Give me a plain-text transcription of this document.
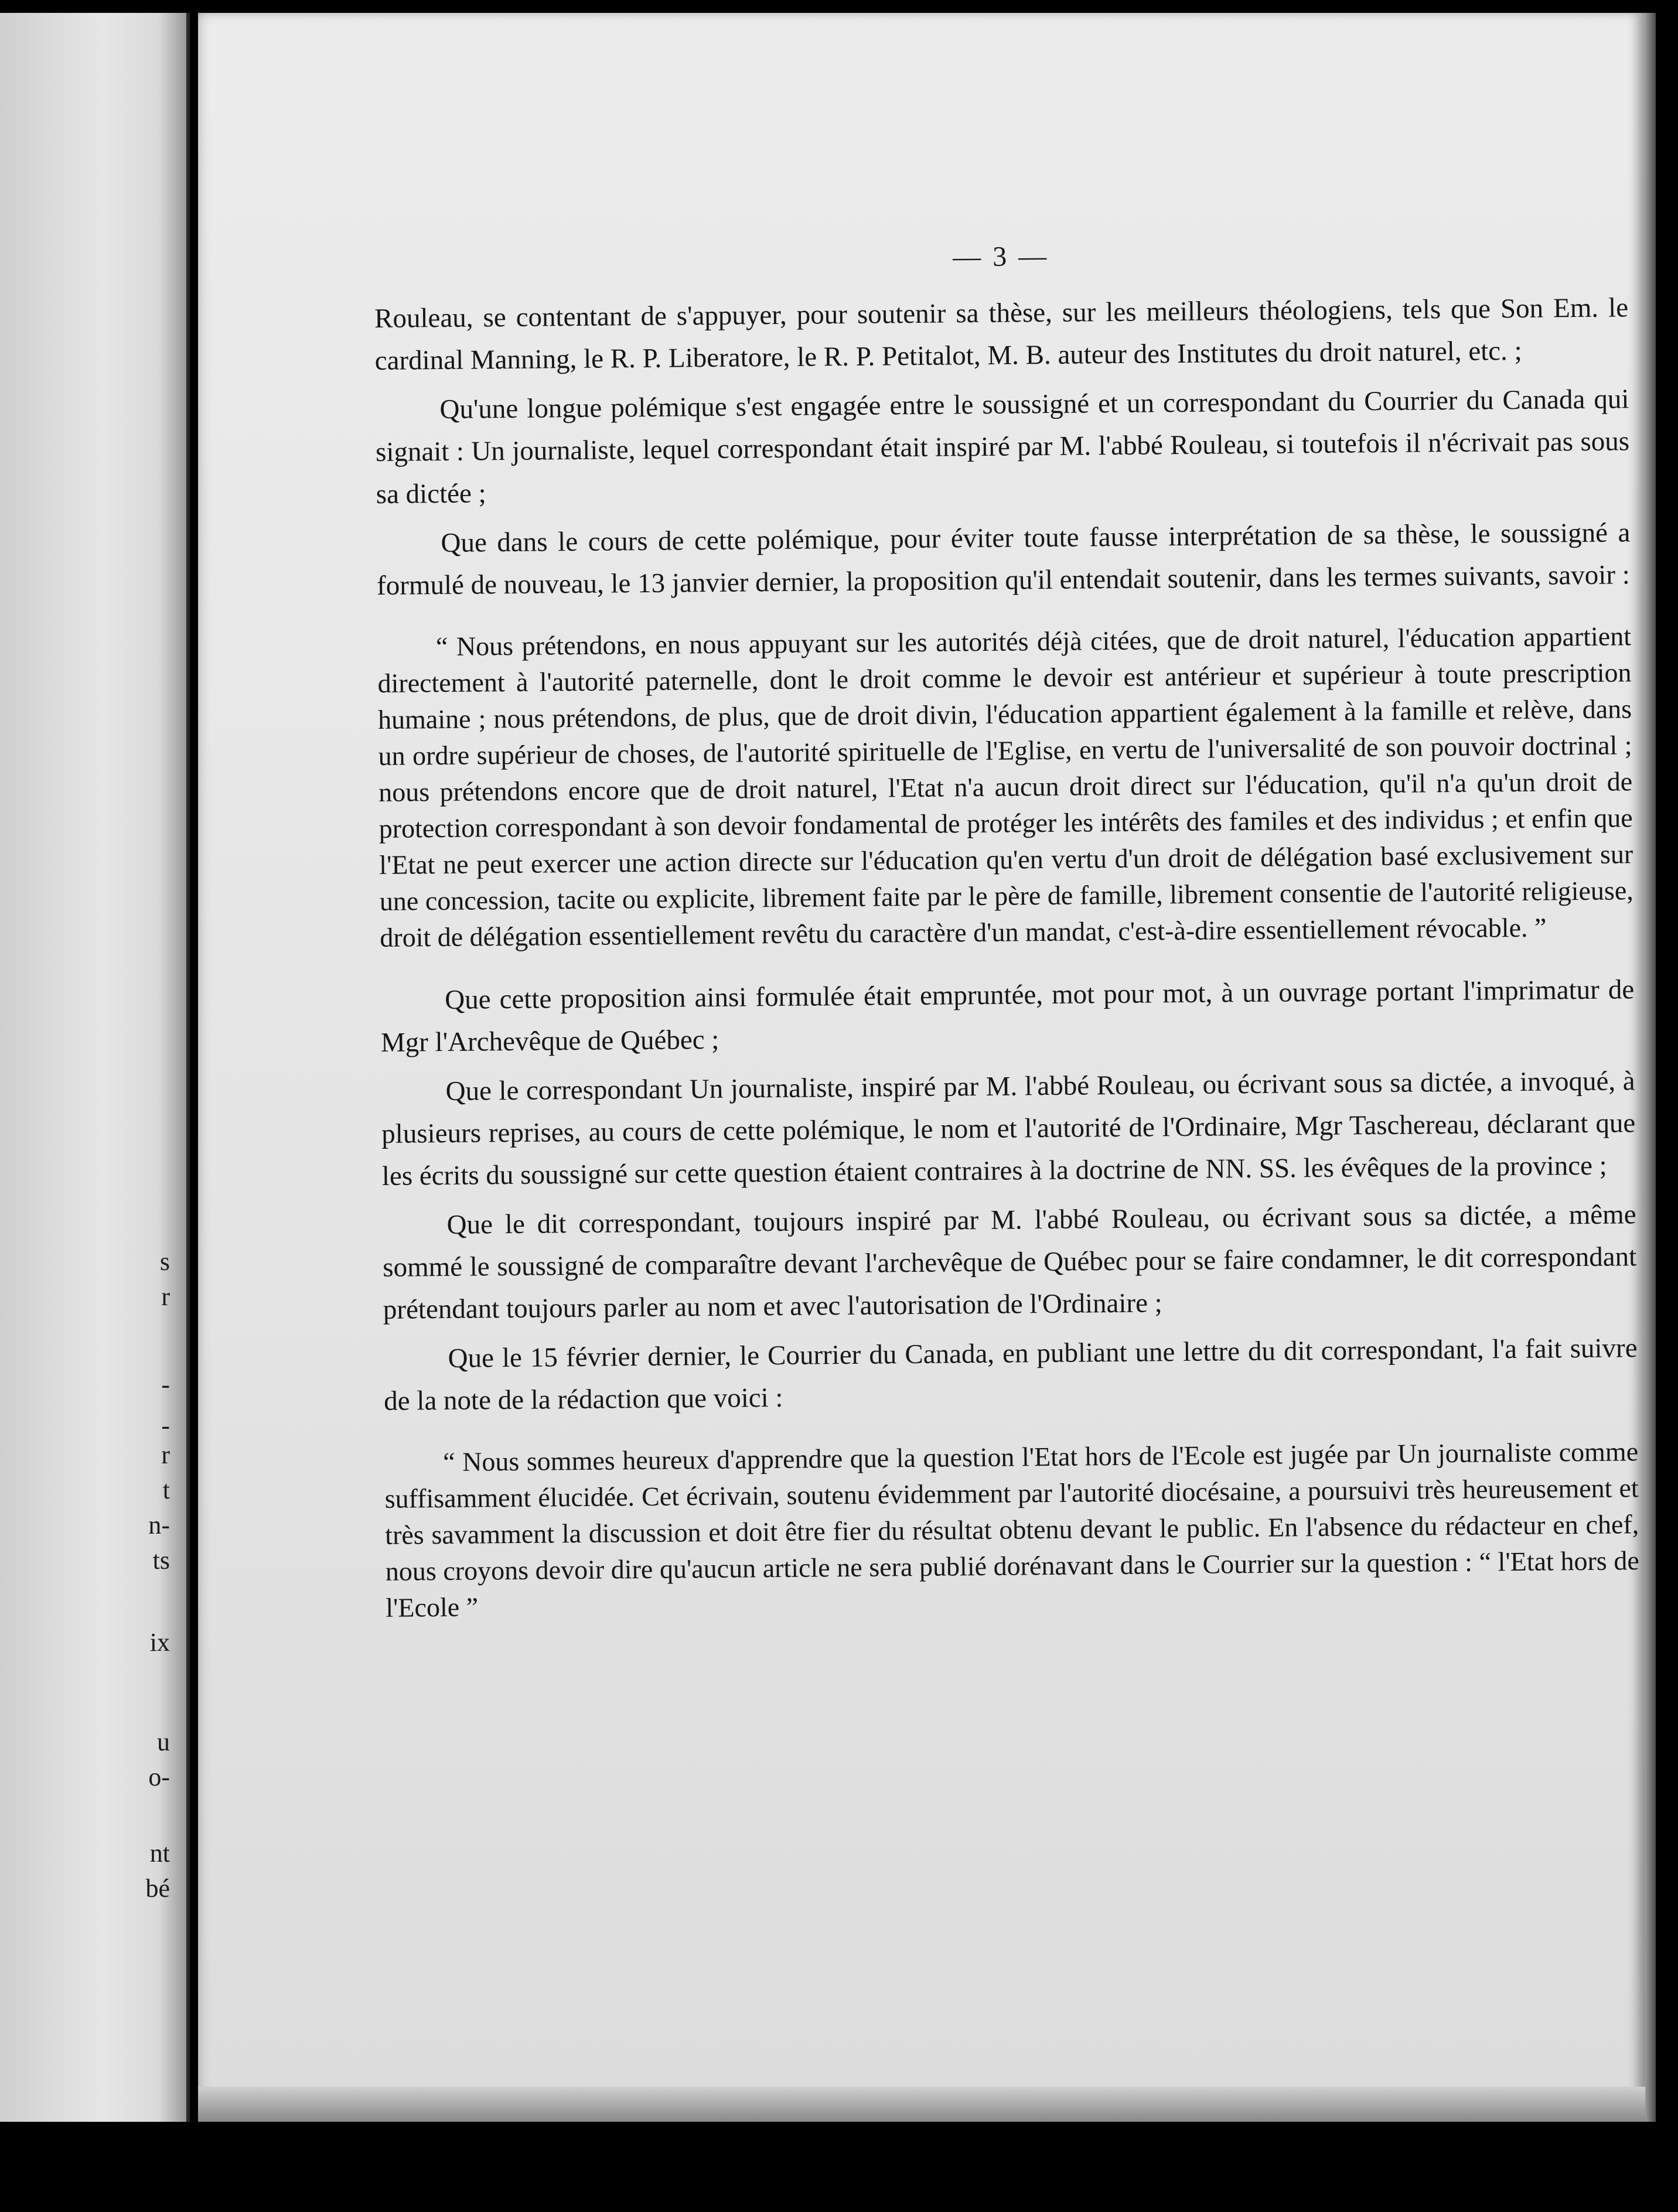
s
r
-
-
r
t
n-
ts
ix
u
o-
nt
bé
— 3 —

Rouleau, se contentant de s'appuyer, pour soutenir sa thèse, sur les meilleurs théologiens, tels que Son Em. le cardinal Manning, le R. P. Liberatore, le R. P. Petitalot, M. B. auteur des Institutes du droit naturel, etc. ;

Qu'une longue polémique s'est engagée entre le soussigné et un correspondant du Courrier du Canada qui signait : Un journaliste, lequel correspondant était inspiré par M. l'abbé Rouleau, si toutefois il n'écrivait pas sous sa dictée ;

Que dans le cours de cette polémique, pour éviter toute fausse interprétation de sa thèse, le soussigné a formulé de nouveau, le 13 janvier dernier, la proposition qu'il entendait soutenir, dans les termes suivants, savoir :

“ Nous prétendons, en nous appuyant sur les autorités déjà citées, que de droit naturel, l'éducation appartient directement à l'autorité paternelle, dont le droit comme le devoir est antérieur et supérieur à toute prescription humaine ; nous prétendons, de plus, que de droit divin, l'éducation appartient également à la famille et relève, dans un ordre supérieur de choses, de l'autorité spirituelle de l'Eglise, en vertu de l'universalité de son pouvoir doctrinal ; nous prétendons encore que de droit naturel, l'Etat n'a aucun droit direct sur l'éducation, qu'il n'a qu'un droit de protection correspondant à son devoir fondamental de protéger les intérêts des familes et des individus ; et enfin que l'Etat ne peut exercer une action directe sur l'éducation qu'en vertu d'un droit de délégation basé exclusivement sur une concession, tacite ou explicite, librement faite par le père de famille, librement consentie de l'autorité religieuse, droit de délégation essentiellement revêtu du caractère d'un mandat, c'est-à-dire essentiellement révocable. ”

Que cette proposition ainsi formulée était empruntée, mot pour mot, à un ouvrage portant l'imprimatur de Mgr l'Archevêque de Québec ;

Que le correspondant Un journaliste, inspiré par M. l'abbé Rouleau, ou écrivant sous sa dictée, a invoqué, à plusieurs reprises, au cours de cette polémique, le nom et l'autorité de l'Ordinaire, Mgr Taschereau, déclarant que les écrits du soussigné sur cette question étaient contraires à la doctrine de NN. SS. les évêques de la province ;

Que le dit correspondant, toujours inspiré par M. l'abbé Rouleau, ou écrivant sous sa dictée, a même sommé le soussigné de comparaître devant l'archevêque de Québec pour se faire condamner, le dit correspondant prétendant toujours parler au nom et avec l'autorisation de l'Ordinaire ;

Que le 15 février dernier, le Courrier du Canada, en publiant une lettre du dit correspondant, l'a fait suivre de la note de la rédaction que voici :

“ Nous sommes heureux d'apprendre que la question l'Etat hors de l'Ecole est jugée par Un journaliste comme suffisamment élucidée. Cet écrivain, soutenu évidemment par l'autorité diocésaine, a poursuivi très heureusement et très savamment la discussion et doit être fier du résultat obtenu devant le public. En l'absence du rédacteur en chef, nous croyons devoir dire qu'aucun article ne sera publié dorénavant dans le Courrier sur la question : “ l'Etat hors de l'Ecole ”
